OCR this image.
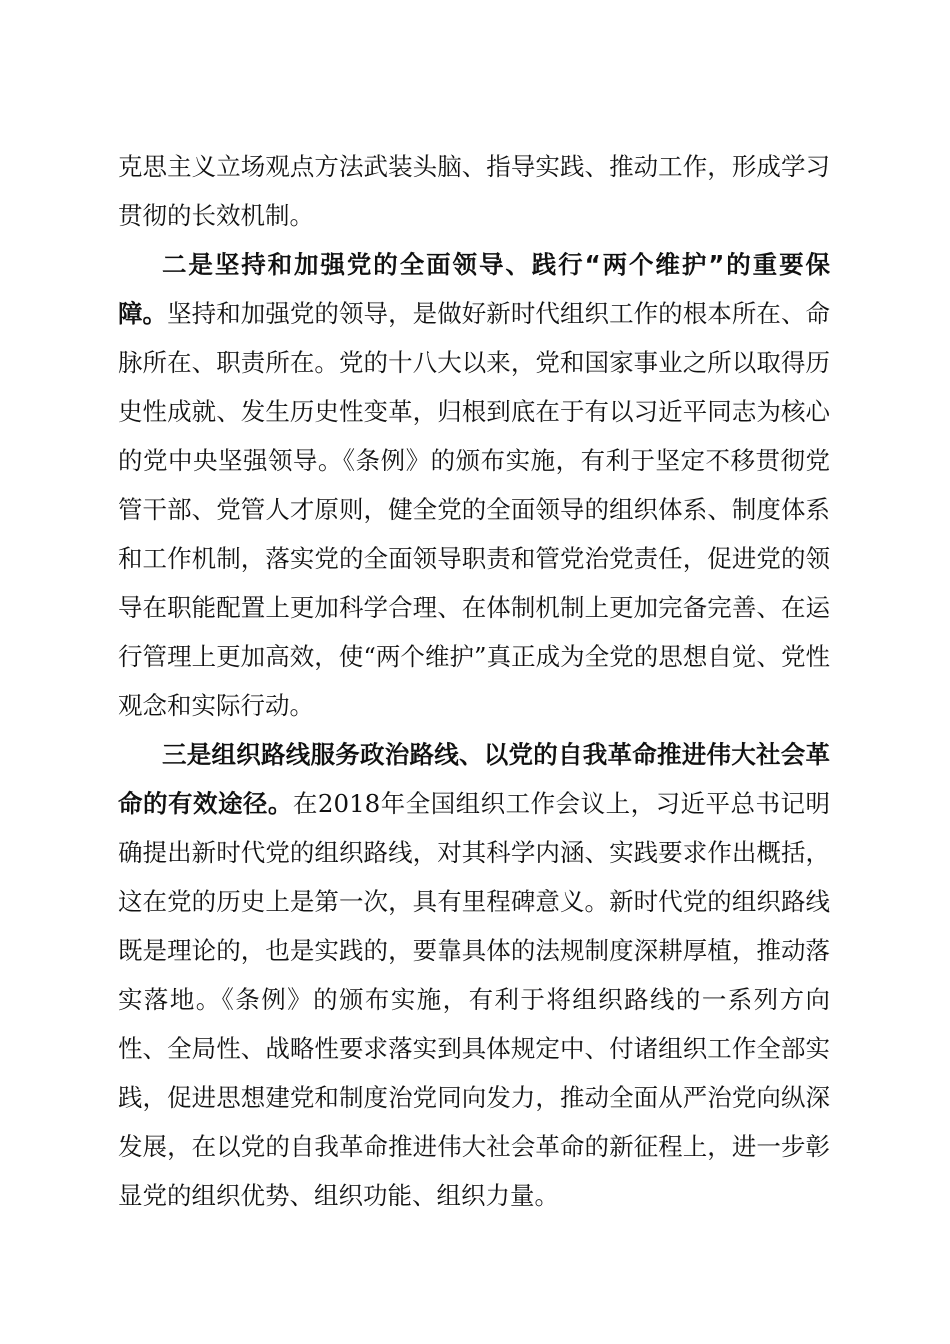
克思主义立场观点方法武装头脑、指导实践、推动工作，形成学习贯彻的长效机制。

二是坚持和加强党的全面领导、践行“两个维护”的重要保障。坚持和加强党的领导，是做好新时代组织工作的根本所在、命脉所在、职责所在。党的十八大以来，党和国家事业之所以取得历史性成就、发生历史性变革，归根到底在于有以习近平同志为核心的党中央坚强领导。《条例》的颁布实施，有利于坚定不移贯彻党管干部、党管人才原则，健全党的全面领导的组织体系、制度体系和工作机制，落实党的全面领导职责和管党治党责任，促进党的领导在职能配置上更加科学合理、在体制机制上更加完备完善、在运行管理上更加高效，使“两个维护”真正成为全党的思想自觉、党性观念和实际行动。

三是组织路线服务政治路线、以党的自我革命推进伟大社会革命的有效途径。在2018年全国组织工作会议上，习近平总书记明确提出新时代党的组织路线，对其科学内涵、实践要求作出概括，这在党的历史上是第一次，具有里程碑意义。新时代党的组织路线既是理论的，也是实践的，要靠具体的法规制度深耕厚植，推动落实落地。《条例》的颁布实施，有利于将组织路线的一系列方向性、全局性、战略性要求落实到具体规定中、付诸组织工作全部实践，促进思想建党和制度治党同向发力，推动全面从严治党向纵深发展，在以党的自我革命推进伟大社会革命的新征程上，进一步彰显党的组织优势、组织功能、组织力量。
